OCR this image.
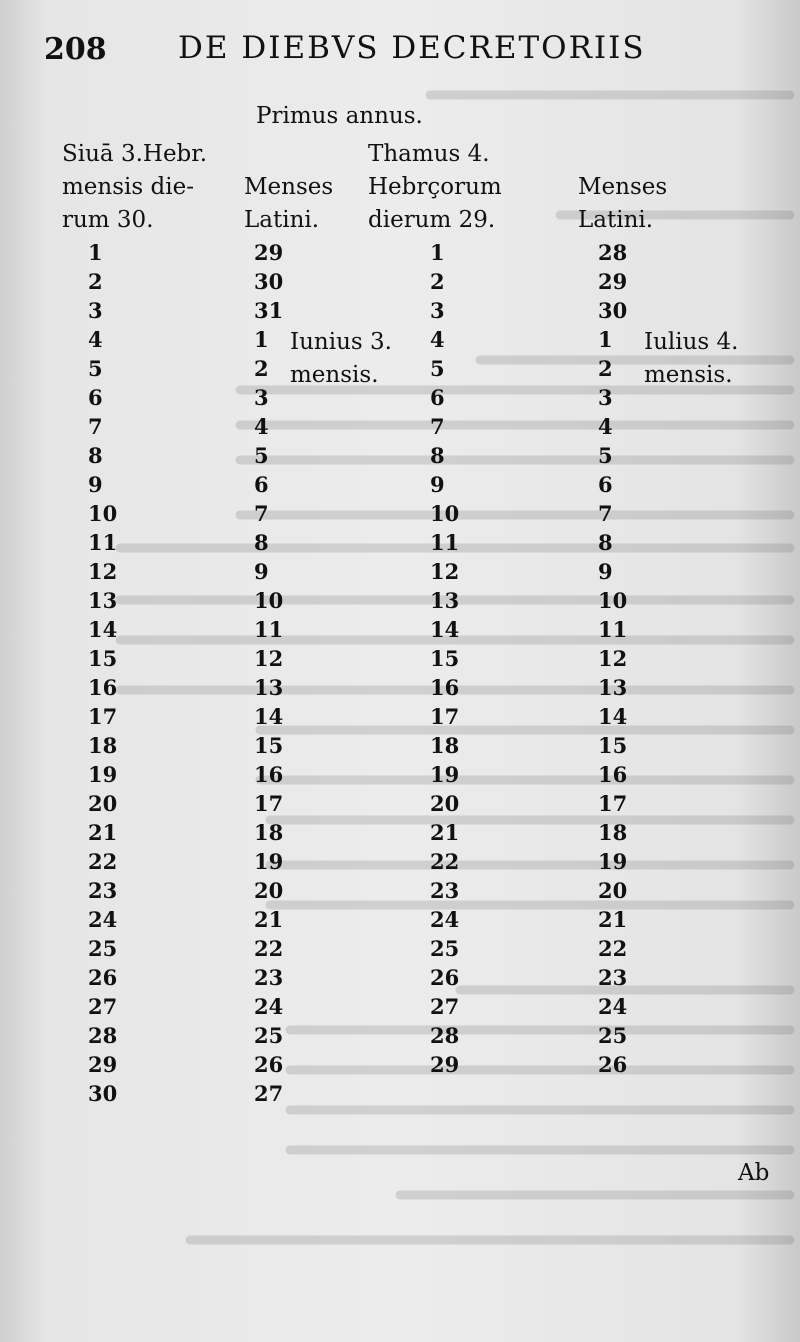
208 DE DIEBVS DECRETORIIS
Primus annus.
Siuā 3.Hebr.
mensis die-
rum 30.

Menses
Latini.
Thamus 4.
Hebrçorum
dierum 29.

Menses
Latini.
1
2
3
4
5
6
7
8
9
10
11
12
13
14
15
16
17
18
19
20
21
22
23
24
25
26
27
28
29
30
29
30
31
1
2
3
4
5
6
7
8
9
10
11
12
13
14
15
16
17
18
19
20
21
22
23
24
25
26
27
1
2
3
4
5
6
7
8
9
10
11
12
13
14
15
16
17
18
19
20
21
22
23
24
25
26
27
28
29
28
29
30
1
2
3
4
5
6
7
8
9
10
11
12
13
14
15
16
17
18
19
20
21
22
23
24
25
26
Iunius 3.
mensis.
Iulius 4.
mensis.
Ab
